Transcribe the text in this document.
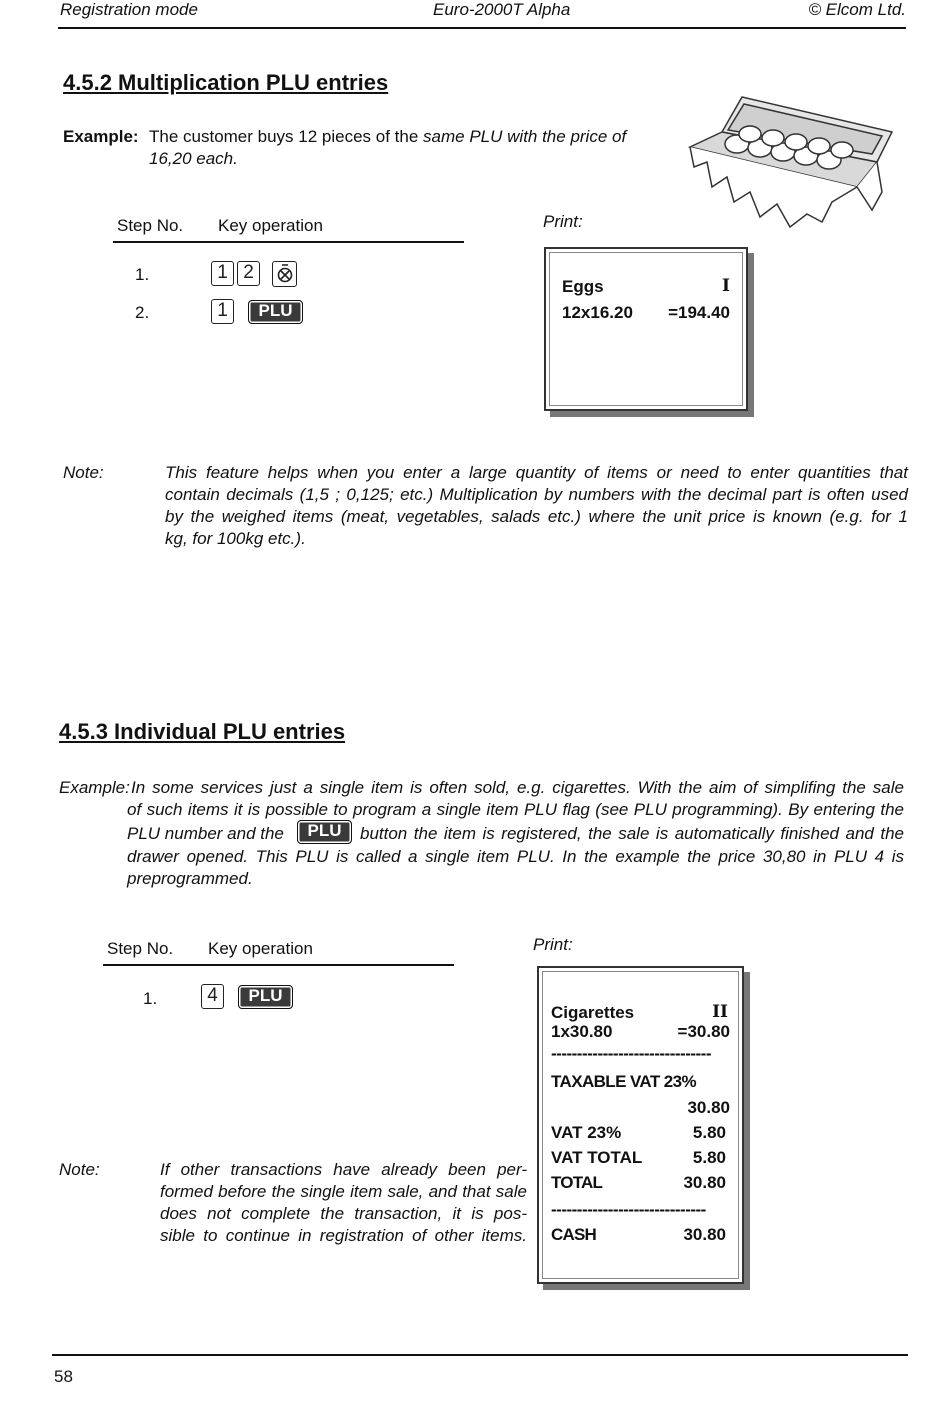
Registration mode	Euro-2000T Alpha	© Elcom Ltd.
4.5.2 Multiplication PLU entries
Example: The customer buys 12 pieces of the same PLU with the price of
16,20 each.
Step No. Key operation	Print:
1.	1 2
2.	1	PLU
Eggs	I
12x16.20 =194.40
Note:	This feature helps when you enter a large quantity of items or need to enter quantities that
contain decimals (1,5 ; 0,125; etc.) Multiplication by numbers with the decimal part is often used
by the weighed items (meat, vegetables, salads etc.) where the unit price is known (e.g. for 1
kg, for 100kg etc.).
4.5.3 Individual PLU entries
Example: In some services just a single item is often sold, e.g. cigarettes. With the aim of simplifing the sale
of such items it is possible to program a single item PLU flag (see PLU programming). By entering the
PLU number and the	PLU	button the item is registered, the sale is automatically finished and the
drawer opened. This PLU is called a single item PLU. In the example the price 30,80 in PLU 4 is
preprogrammed.
Step No. Key operation	Print:
1.	4	PLU
Cigarettes	II
1x30.80	=30.80
-------------------------------
TAXABLE VAT 23%
30.80
VAT 23%	5.80
VAT TOTAL	5.80
TOTAL	30.80
------------------------------
CASH	30.80
Note:	If other transactions have already been per-
formed before the single item sale, and that sale
does not complete the transaction, it is pos-
sible to continue in registration of other items.
58
